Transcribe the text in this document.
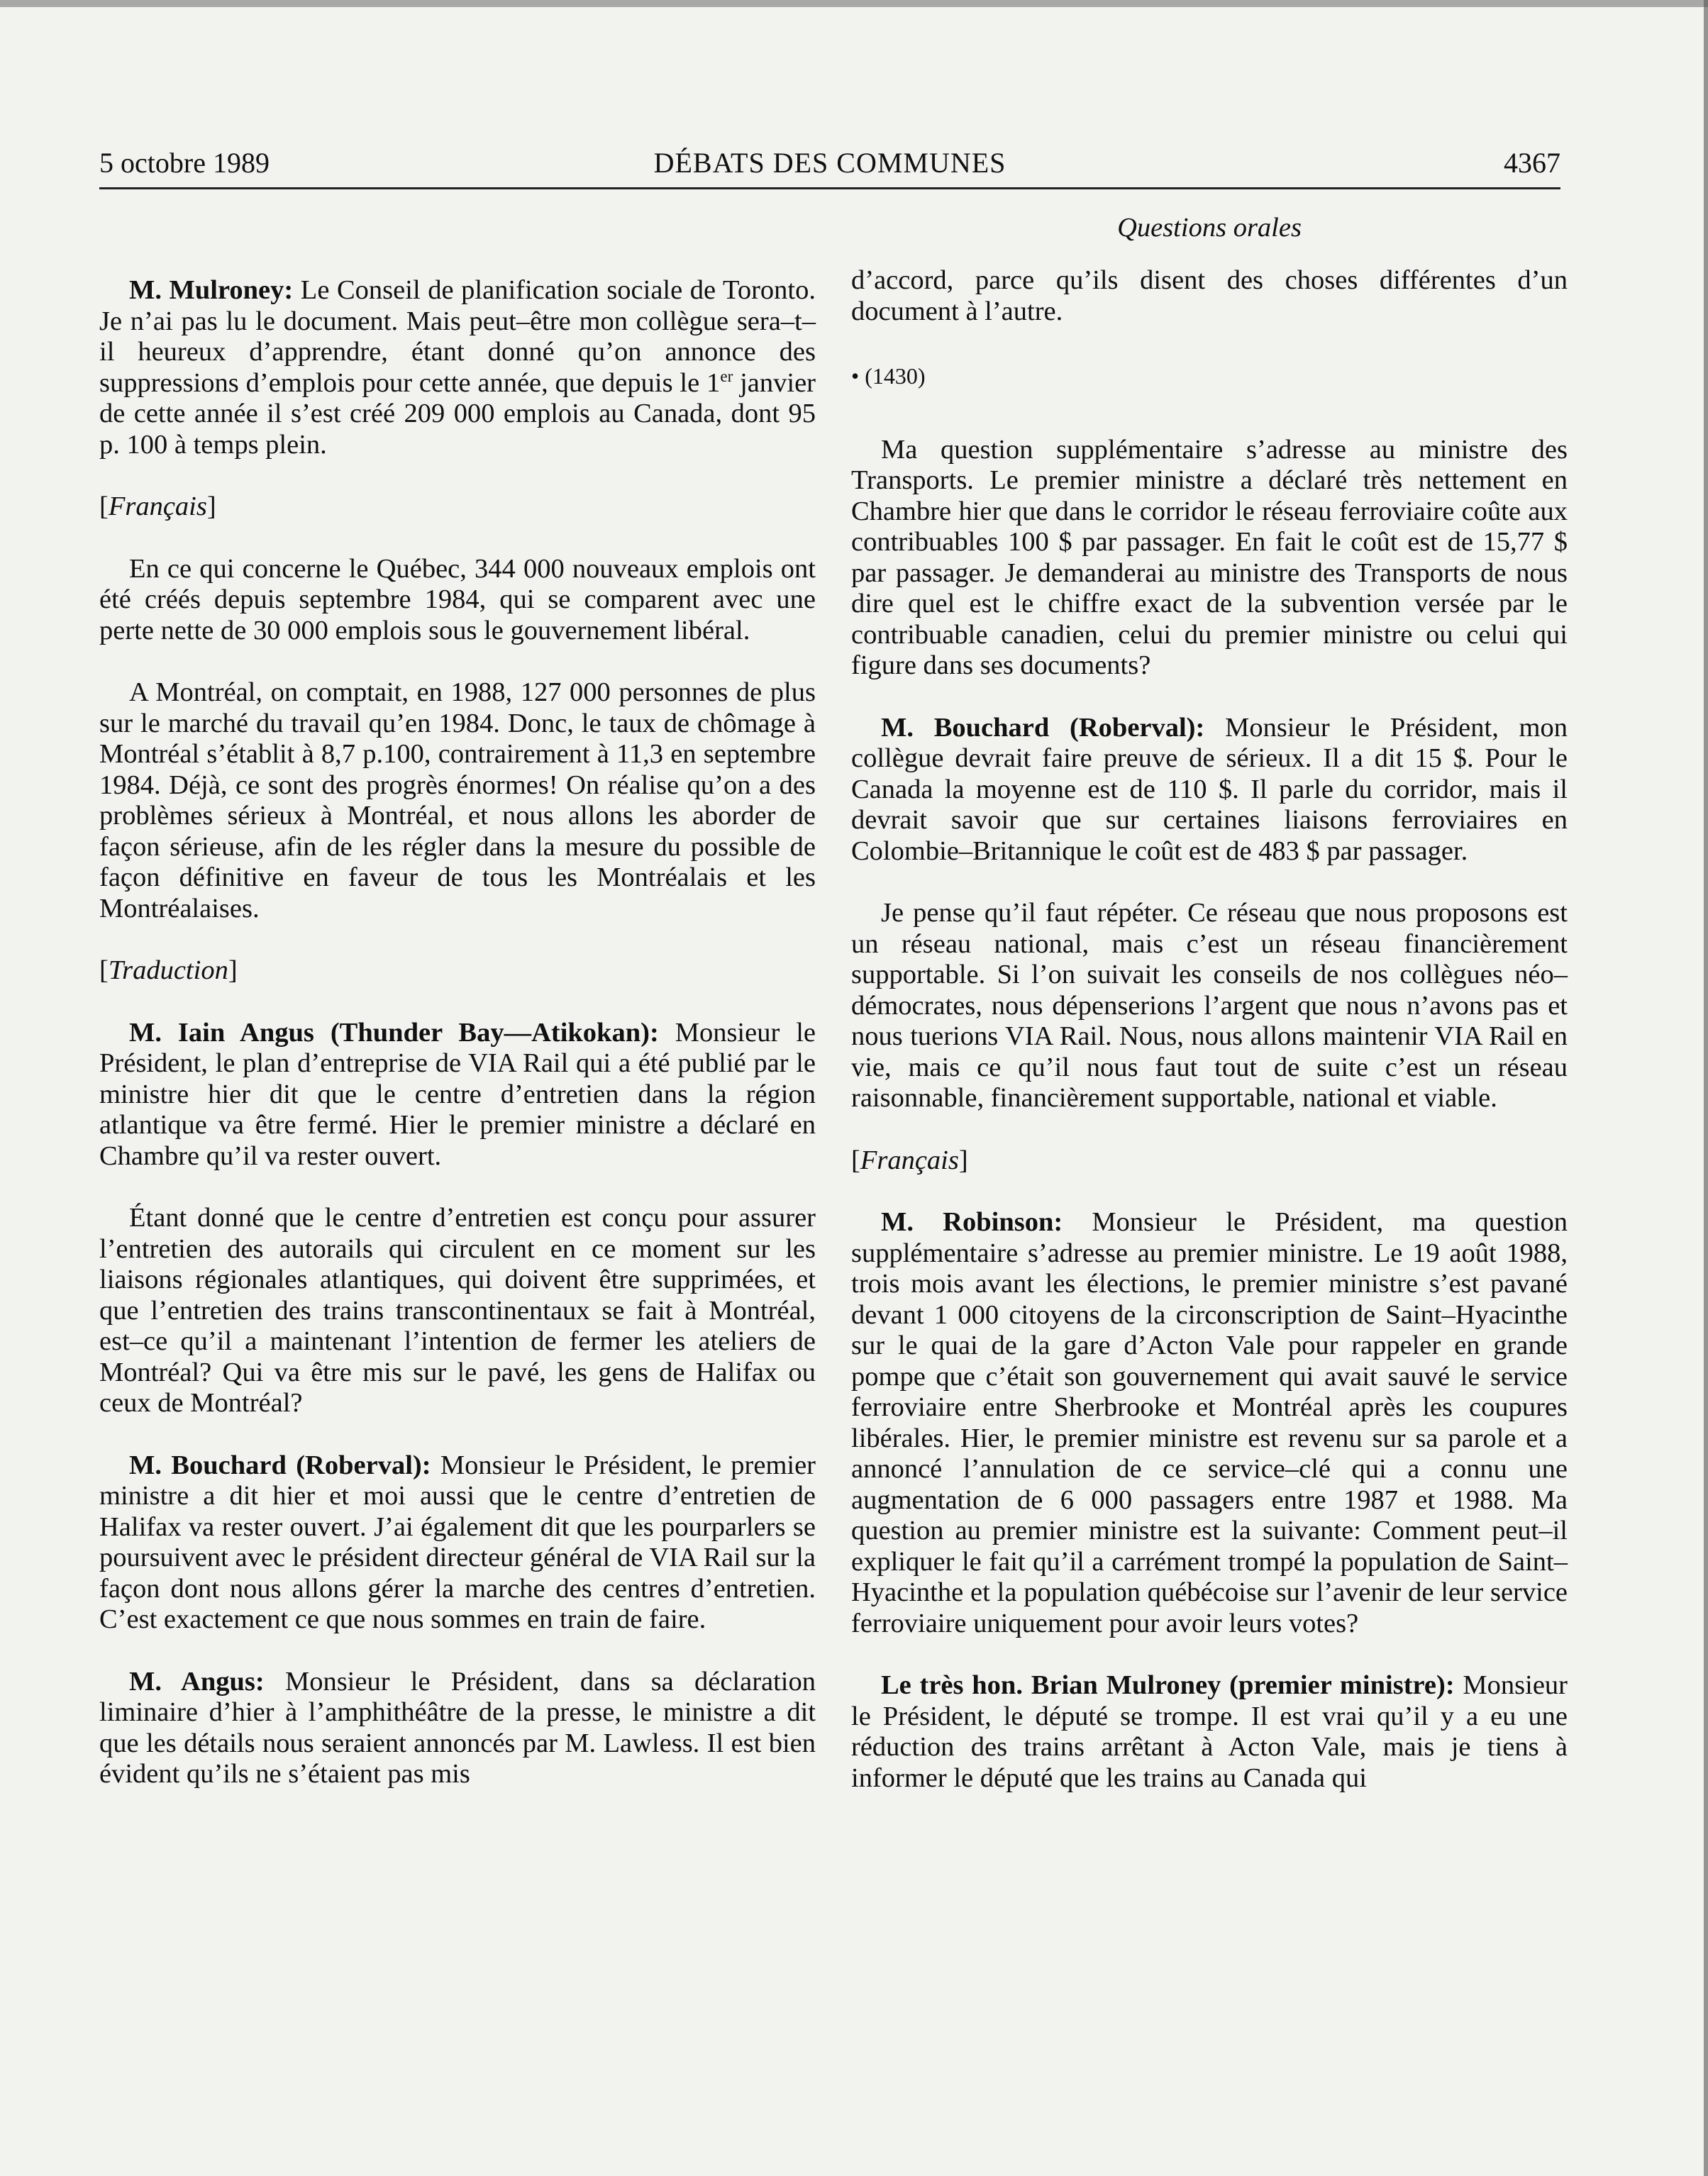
5 octobre 1989	DÉBATS DES COMMUNES	4367

M. Mulroney: Le Conseil de planification sociale de Toronto. Je n’ai pas lu le document. Mais peut–être mon collègue sera–t–il heureux d’apprendre, étant donné qu’on annonce des suppressions d’emplois pour cette année, que depuis le 1er janvier de cette année il s’est créé 209 000 emplois au Canada, dont 95 p. 100 à temps plein.

[Français]

En ce qui concerne le Québec, 344 000 nouveaux emplois ont été créés depuis septembre 1984, qui se comparent avec une perte nette de 30 000 emplois sous le gouvernement libéral.

A Montréal, on comptait, en 1988, 127 000 personnes de plus sur le marché du travail qu’en 1984. Donc, le taux de chômage à Montréal s’établit à 8,7 p.100, contrairement à 11,3 en septembre 1984. Déjà, ce sont des progrès énormes! On réalise qu’on a des problèmes sérieux à Montréal, et nous allons les aborder de façon sérieuse, afin de les régler dans la mesure du possible de façon définitive en faveur de tous les Montréalais et les Montréalaises.

[Traduction]

M. Iain Angus (Thunder Bay—Atikokan): Monsieur le Président, le plan d’entreprise de VIA Rail qui a été publié par le ministre hier dit que le centre d’entretien dans la région atlantique va être fermé. Hier le premier ministre a déclaré en Chambre qu’il va rester ouvert.

Étant donné que le centre d’entretien est conçu pour assurer l’entretien des autorails qui circulent en ce moment sur les liaisons régionales atlantiques, qui doivent être supprimées, et que l’entretien des trains transcontinentaux se fait à Montréal, est–ce qu’il a maintenant l’intention de fermer les ateliers de Montréal? Qui va être mis sur le pavé, les gens de Halifax ou ceux de Montréal?

M. Bouchard (Roberval): Monsieur le Président, le premier ministre a dit hier et moi aussi que le centre d’entretien de Halifax va rester ouvert. J’ai également dit que les pourparlers se poursuivent avec le président directeur général de VIA Rail sur la façon dont nous allons gérer la marche des centres d’entretien. C’est exactement ce que nous sommes en train de faire.

M. Angus: Monsieur le Président, dans sa déclaration liminaire d’hier à l’amphithéâtre de la presse, le ministre a dit que les détails nous seraient annoncés par M. Lawless. Il est bien évident qu’ils ne s’étaient pas mis

Questions orales

d’accord, parce qu’ils disent des choses différentes d’un document à l’autre.

• (1430)

Ma question supplémentaire s’adresse au ministre des Transports. Le premier ministre a déclaré très nettement en Chambre hier que dans le corridor le réseau ferroviaire coûte aux contribuables 100 $ par passager. En fait le coût est de 15,77 $ par passager. Je demanderai au ministre des Transports de nous dire quel est le chiffre exact de la subvention versée par le contribuable canadien, celui du premier ministre ou celui qui figure dans ses documents?

M. Bouchard (Roberval): Monsieur le Président, mon collègue devrait faire preuve de sérieux. Il a dit 15 $. Pour le Canada la moyenne est de 110 $. Il parle du corridor, mais il devrait savoir que sur certaines liaisons ferroviaires en Colombie–Britannique le coût est de 483 $ par passager.

Je pense qu’il faut répéter. Ce réseau que nous proposons est un réseau national, mais c’est un réseau financièrement supportable. Si l’on suivait les conseils de nos collègues néo–démocrates, nous dépenserions l’argent que nous n’avons pas et nous tuerions VIA Rail. Nous, nous allons maintenir VIA Rail en vie, mais ce qu’il nous faut tout de suite c’est un réseau raisonnable, financièrement supportable, national et viable.

[Français]

M. Robinson: Monsieur le Président, ma question supplémentaire s’adresse au premier ministre. Le 19 août 1988, trois mois avant les élections, le premier ministre s’est pavané devant 1 000 citoyens de la circonscription de Saint–Hyacinthe sur le quai de la gare d’Acton Vale pour rappeler en grande pompe que c’était son gouvernement qui avait sauvé le service ferroviaire entre Sherbrooke et Montréal après les coupures libérales. Hier, le premier ministre est revenu sur sa parole et a annoncé l’annulation de ce service–clé qui a connu une augmentation de 6 000 passagers entre 1987 et 1988. Ma question au premier ministre est la suivante: Comment peut–il expliquer le fait qu’il a carrément trompé la population de Saint–Hyacinthe et la population québécoise sur l’avenir de leur service ferroviaire uniquement pour avoir leurs votes?

Le très hon. Brian Mulroney (premier ministre): Monsieur le Président, le député se trompe. Il est vrai qu’il y a eu une réduction des trains arrêtant à Acton Vale, mais je tiens à informer le député que les trains au Canada qui
